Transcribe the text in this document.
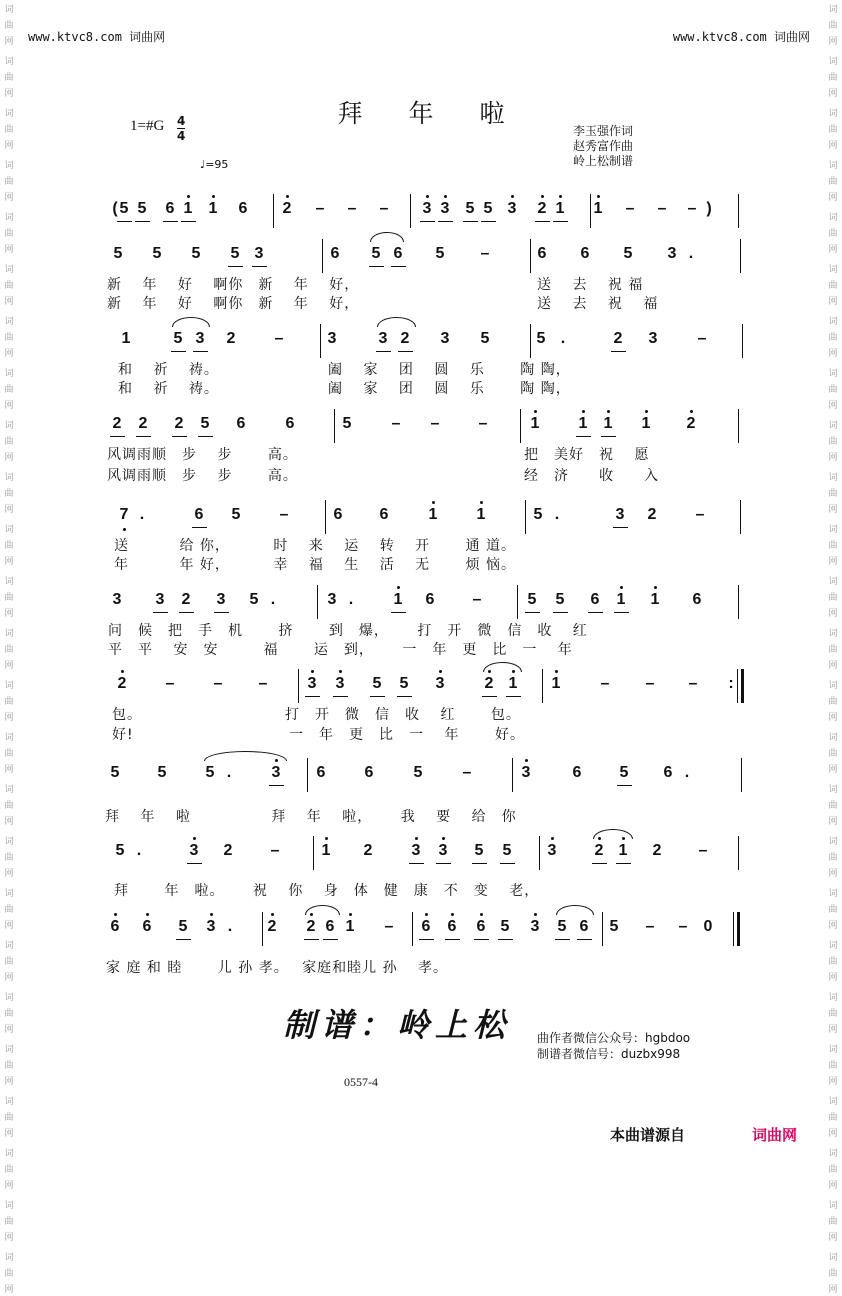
词
曲
网
词
曲
网
词
曲
网
词
曲
网
词
曲
网
词
曲
网
词
曲
网
词
曲
网
词
曲
网
词
曲
网
词
曲
网
词
曲
网
词
曲
网
词
曲
网
词
曲
网
词
曲
网
词
曲
网
词
曲
网
词
曲
网
词
曲
网
词
曲
网
词
曲
网
词
曲
网
词
曲
网
词
曲
网
词
曲
网
词
曲
网
词
曲
网
词
曲
网
词
曲
网
词
曲
网
词
曲
网
词
曲
网
词
曲
网
词
曲
网
词
曲
网
词
曲
网
词
曲
网
词
曲
网
词
曲
网
词
曲
网
词
曲
网
词
曲
网
词
曲
网
词
曲
网
词
曲
网
词
曲
网
词
曲
网
词
曲
网
词
曲
网
www.ktvc8.com 词曲网	www.ktvc8.com 词曲网
拜年啦
1=#G 4
4
♩=95
李玉强作词
赵秀富作曲
岭上松制谱
( 5 5 6 1 1 6 2 – – – 3 3 5 5 3 2 1 1 – – – )
5 5 5 5 3	6 5 6 5 –	6 6 5 3 .
新　 年　 好　 啊你　新　 年　 好，
新　 年　 好　 啊你　新　 年　 好，
送　 去　 祝 福
送　 去　 祝　 福
1	5 3 2 –	3	3 2 3 5	5 .	2 3	–
和　 祈　 祷。
和　 祈　 祷。
阖　 家　 团　 圆　 乐　　 陶 陶，
阖　 家　 团　 圆　 乐　　 陶 陶，
2 2 2 5 6	6	5	– – –	1 1 1 1 2
风调雨顺　步　 步　　 高。
风调雨顺　步　 步　　 高。
把　美好　祝　 愿
经　济　　收　　入
7 .	6 5 –	6 6	1 1	5 .	3 2 –
送　　　 给 你，　　　 时　 来　 运　 转　 开　　 通 道。
年　　　 年 好，　　　 幸　 福　 生　 活　 无　　 烦 恼。
3 3 2 3 5 .	3 .	1 6 –	5 5 6 1 1 6
问　候　把　手　机　　 挤　　 到　爆，　　 打　开　微　信　收　 红
平　平　 安　安　　　福　　 运　到，　　 一　年　更　比　一　 年
2 – – –	3 3 5 5 3	2 1 1	– – – :
包。　　　　　　　　　　打　开　微　信　收　 红　　 包。
好!　　　　　　　　　　 一　年　更　比　一　 年　　 好。
5 5 5 .	3 6 6	5	–	3	6 5 6 .
拜　 年　 啦　　　　　 拜　 年　 啦，　　 我　 要　 给　你
5 .	3 2 –	1 2 3 3 5 5 3 2 1 2 –
拜　　 年　啦。　　 祝　 你　 身　体　健　康　不　变　 老，
6 6 5 3 . 2 2 6 1 – 6 6 6 5 3 5 6 5 – – 0
家 庭 和 睦　　 儿 孙 孝。　 家庭和睦儿 孙　 孝。
制谱：岭上松 曲作者微信公众号：hgbdoo
制谱者微信号：duzbx998
0557-4
本曲谱源自	词曲网
